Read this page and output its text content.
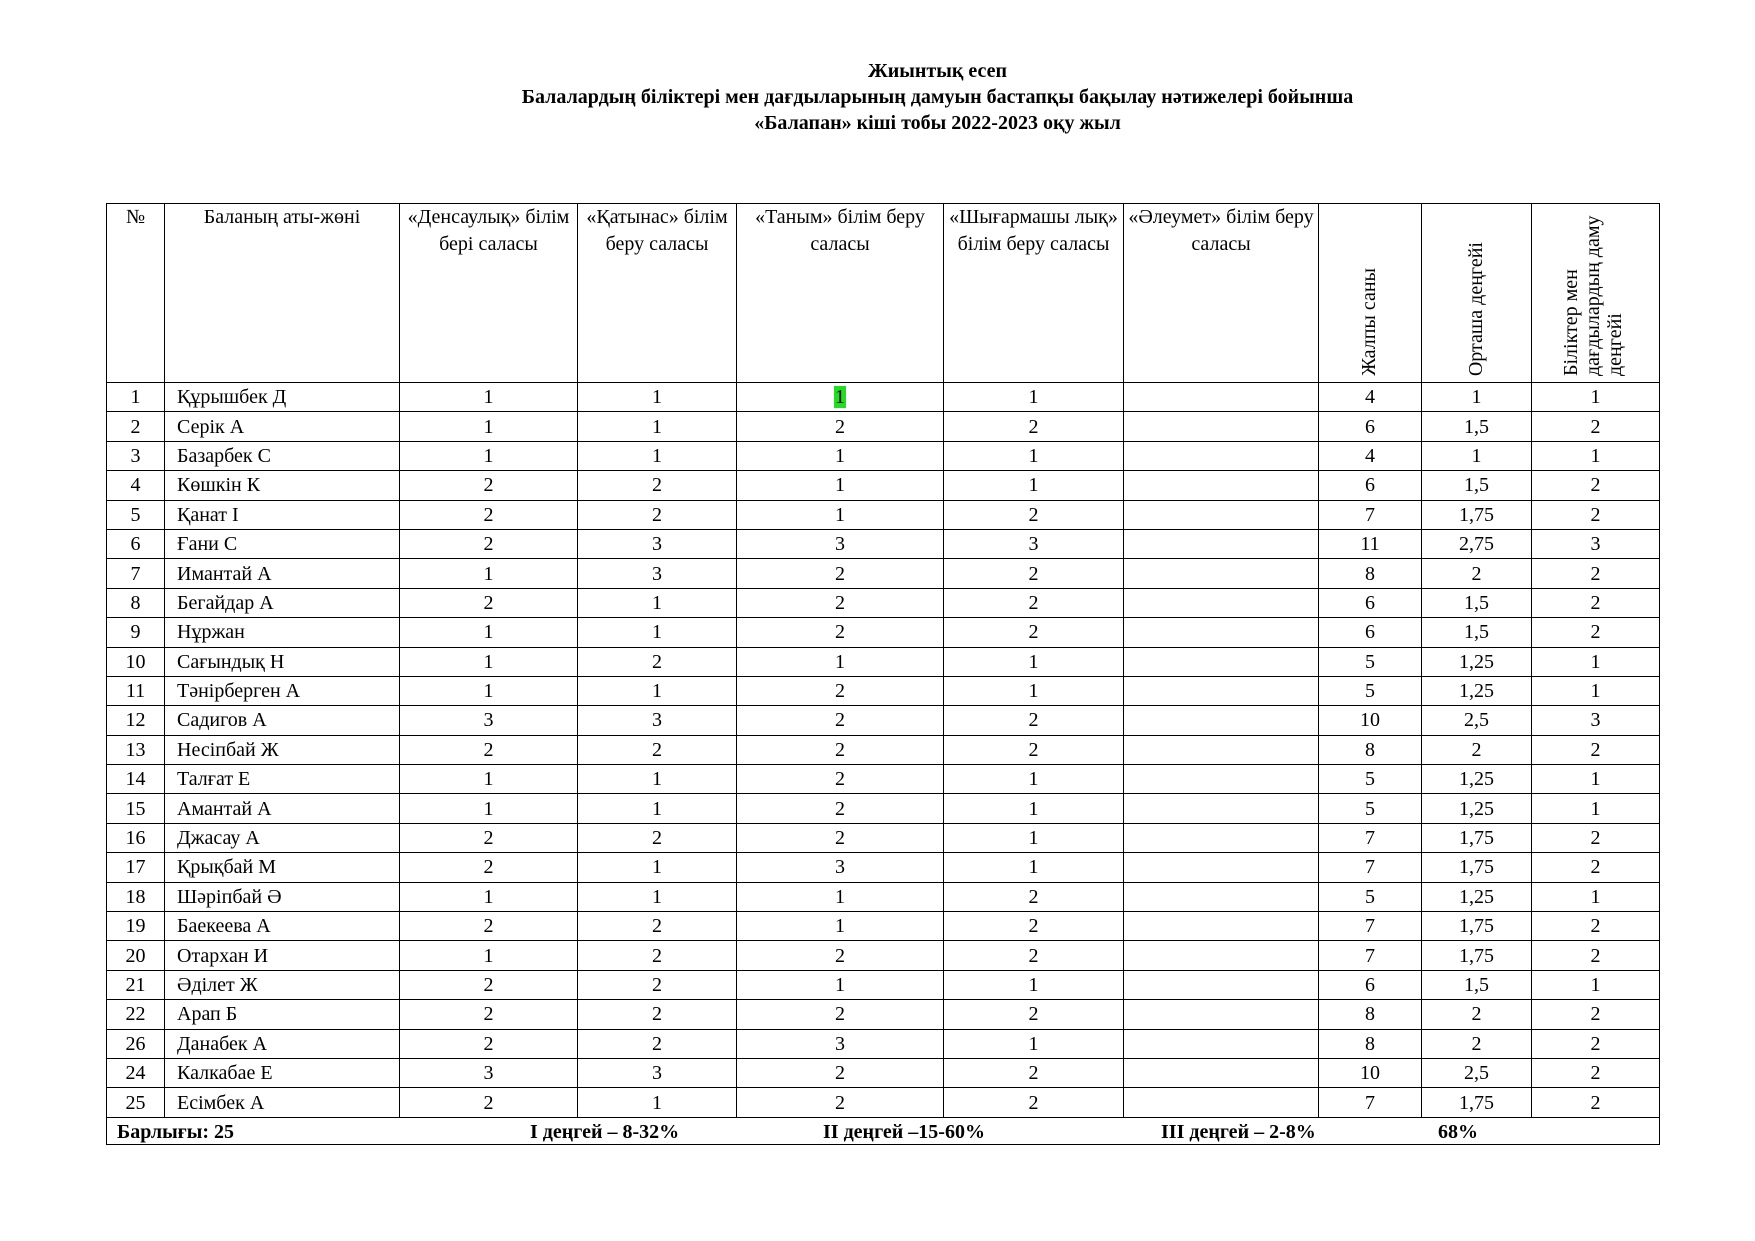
Жиынтық есеп
Балалардың біліктері мен дағдыларының дамуын бастапқы бақылау нәтижелері бойынша
«Балапан» кіші тобы 2022-2023 оқу жыл
№	Баланың аты-жөні	«Денсаулық» білім бері саласы	«Қатынас» білім беру саласы	«Таным» білім беру саласы	«Шығармашы лық» білім беру саласы	«Әлеумет» білім беру саласы	Жалпы саны	Орташа деңгейі	Біліктер мен дағдылардың даму деңгейі

1	Құрышбек Д	1	1	1	1		4	1	1
2	Серік А	1	1	2	2		6	1,5	2
3	Базарбек С	1	1	1	1		4	1	1
4	Көшкін К	2	2	1	1		6	1,5	2
5	Қанат І	2	2	1	2		7	1,75	2
6	Ғани С	2	3	3	3		11	2,75	3
7	Имантай А	1	3	2	2		8	2	2
8	Бегайдар А	2	1	2	2		6	1,5	2
9	Нұржан	1	1	2	2		6	1,5	2
10	Сағындық Н	1	2	1	1		5	1,25	1
11	Тәнірберген А	1	1	2	1		5	1,25	1
12	Садигов А	3	3	2	2		10	2,5	3
13	Несіпбай Ж	2	2	2	2		8	2	2
14	Талғат Е	1	1	2	1		5	1,25	1
15	Амантай А	1	1	2	1		5	1,25	1
16	Джасау А	2	2	2	1		7	1,75	2
17	Қрықбай М	2	1	3	1		7	1,75	2
18	Шәріпбай Ә	1	1	1	2		5	1,25	1
19	Баекеева А	2	2	1	2		7	1,75	2
20	Отархан И	1	2	2	2		7	1,75	2
21	Әділет Ж	2	2	1	1		6	1,5	1
22	Арап Б	2	2	2	2		8	2	2
26	Данабек А	2	2	3	1		8	2	2
24	Калкабае Е	3	3	2	2		10	2,5	2
25	Есімбек А	2	1	2	2		7	1,75	2

Барлығы: 25 І деңгей – 8-32% ІІ деңгей –15-60% ІІІ деңгей – 2-8% 68%									
